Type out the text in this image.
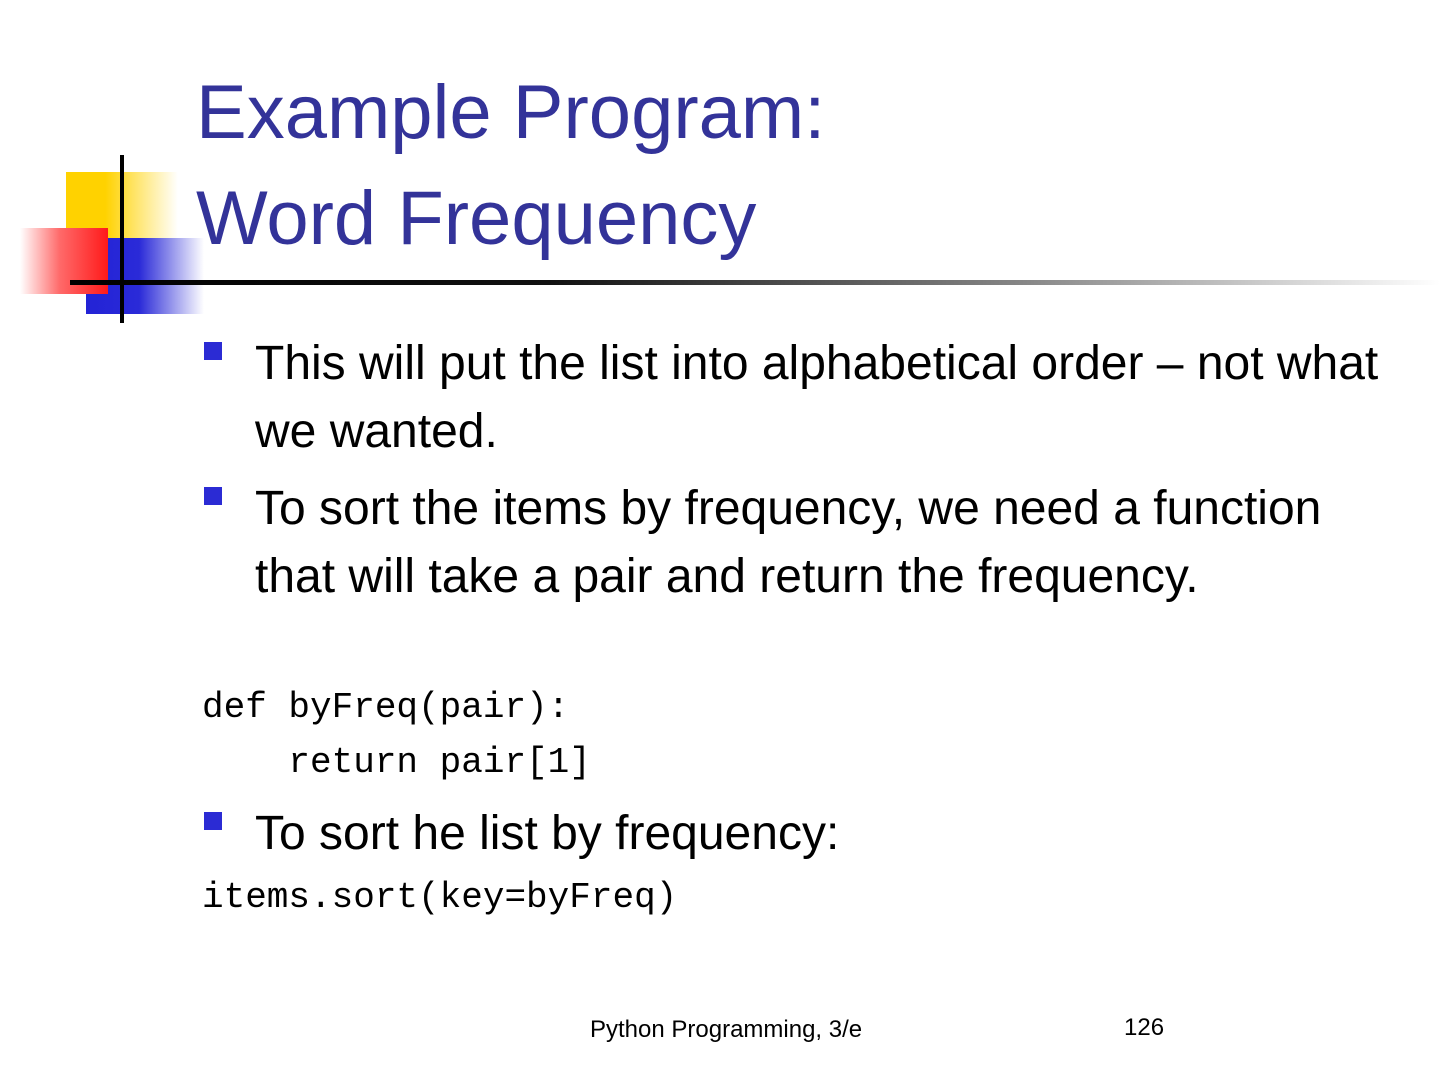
Example Program:
Word Frequency
This will put the list into alphabetical order – not what we wanted.
To sort the items by frequency, we need a function that will take a pair and return the frequency.
def byFreq(pair):
return pair[1]
To sort he list by frequency:
items.sort(key=byFreq)
Python Programming, 3/e	126
